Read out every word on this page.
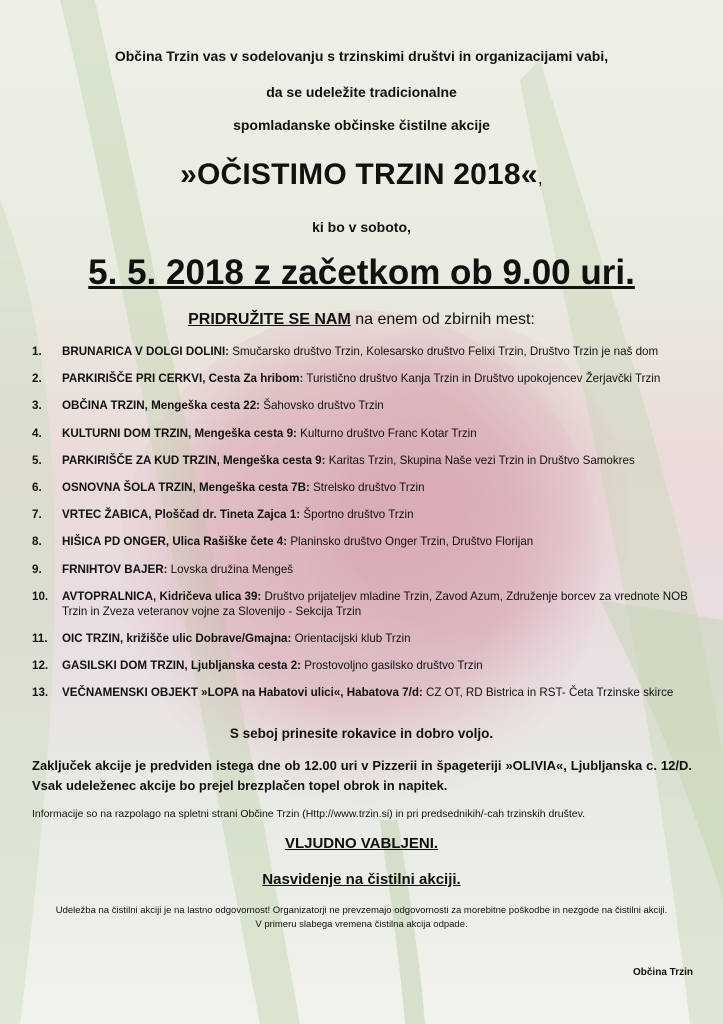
Občina Trzin vas v sodelovanju s trzinskimi društvi in organizacijami vabi,
da se udeležite tradicionalne
spomladanske občinske čistilne akcije
»OČISTIMO TRZIN 2018«,
ki bo v soboto,
5. 5. 2018 z začetkom ob 9.00 uri.
PRIDRUŽITE SE NAM na enem od zbirnih mest:
1.	BRUNARICA V DOLGI DOLINI: Smučarsko društvo Trzin, Kolesarsko društvo Felixi Trzin, Društvo Trzin je naš dom
2.	PARKIRIŠČE PRI CERKVI, Cesta Za hribom: Turistično društvo Kanja Trzin in Društvo upokojencev Žerjavčki Trzin
3.	OBČINA TRZIN, Mengeška cesta 22: Šahovsko društvo Trzin
4.	KULTURNI DOM TRZIN, Mengeška cesta 9: Kulturno društvo Franc Kotar Trzin
5.	PARKIRIŠČE ZA KUD TRZIN, Mengeška cesta 9: Karitas Trzin, Skupina Naše vezi Trzin in Društvo Samokres
6.	OSNOVNA ŠOLA TRZIN, Mengeška cesta 7B: Strelsko društvo Trzin
7.	VRTEC ŽABICA, Ploščad dr. Tineta Zajca 1: Športno društvo Trzin
8.	HIŠICA PD ONGER, Ulica Rašiške čete 4: Planinsko društvo Onger Trzin, Društvo Florijan
9.	FRNIHTOV BAJER: Lovska družina Mengeš
10.	AVTOPRALNICA, Kidričeva ulica 39: Društvo prijateljev mladine Trzin, Zavod Azum, Združenje borcev za vrednote NOB Trzin in Zveza veteranov vojne za Slovenijo - Sekcija Trzin
11.	OIC TRZIN, križišče ulic Dobrave/Gmajna: Orientacijski klub Trzin
12.	GASILSKI DOM TRZIN, Ljubljanska cesta 2: Prostovoljno gasilsko društvo Trzin
13.	VEČNAMENSKI OBJEKT »LOPA na Habatovi ulici«, Habatova 7/d: CZ OT, RD Bistrica in RST- Četa Trzinske skirce
S seboj prinesite rokavice in dobro voljo.
Zaključek akcije je predviden istega dne ob 12.00 uri v Pizzerii in špageteriji »OLIVIA«, Ljubljanska c. 12/D. Vsak udeleženec akcije bo prejel brezplačen topel obrok in napitek.
Informacije so na razpolago na spletni strani Občine Trzin (Http://www.trzin.si) in pri predsednikih/-cah trzinskih društev.
VLJUDNO VABLJENI.
Nasvidenje na čistilni akciji.
Udeležba na čistilni akciji je na lastno odgovornost! Organizatorji ne prevzemajo odgovornosti za morebitne poškodbe in nezgode na čistilni akciji.
V primeru slabega vremena čistilna akcija odpade.
Občina Trzin
